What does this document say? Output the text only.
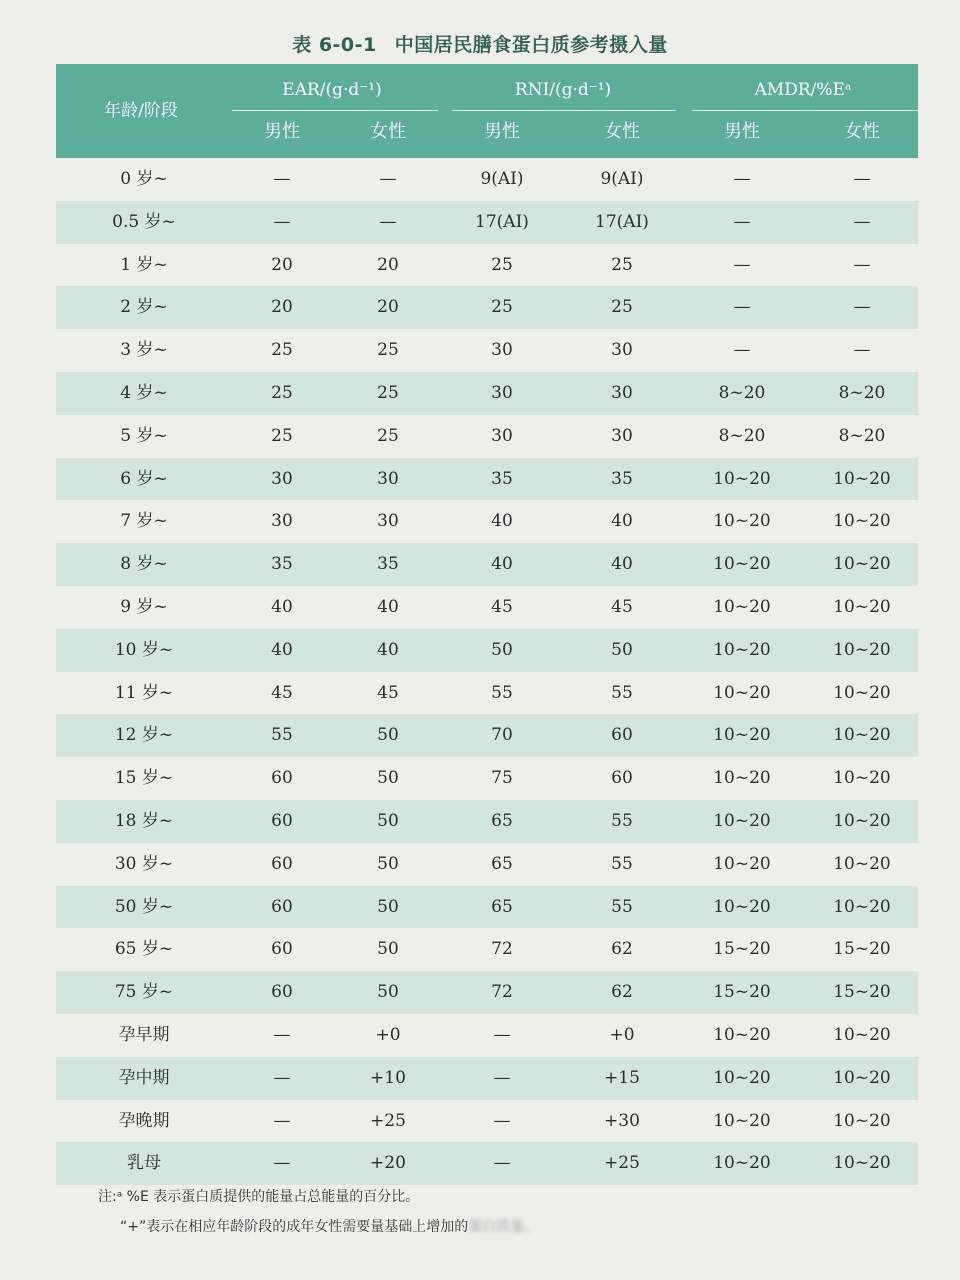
表 6-0-1 中国居民膳食蛋白质参考摄入量
年龄/阶段
EAR/(g·d⁻¹)	RNI/(g·d⁻¹)	AMDR/%Eᵃ
男性	女性	男性	女性	男性	女性
0 岁~	—	—	9(AI)	9(AI)	—	—
0.5 岁~	—	—	17(AI)	17(AI)	—	—
1 岁~	20	20	25	25	—	—
2 岁~	20	20	25	25	—	—
3 岁~	25	25	30	30	—	—
4 岁~	25	25	30	30	8~20	8~20
5 岁~	25	25	30	30	8~20	8~20
6 岁~	30	30	35	35	10~20	10~20
7 岁~	30	30	40	40	10~20	10~20
8 岁~	35	35	40	40	10~20	10~20
9 岁~	40	40	45	45	10~20	10~20
10 岁~	40	40	50	50	10~20	10~20
11 岁~	45	45	55	55	10~20	10~20
12 岁~	55	50	70	60	10~20	10~20
15 岁~	60	50	75	60	10~20	10~20
18 岁~	60	50	65	55	10~20	10~20
30 岁~	60	50	65	55	10~20	10~20
50 岁~	60	50	65	55	10~20	10~20
65 岁~	60	50	72	62	15~20	15~20
75 岁~	60	50	72	62	15~20	15~20
孕早期	—	+0	—	+0	10~20	10~20
孕中期	—	+10	—	+15	10~20	10~20
孕晚期	—	+25	—	+30	10~20	10~20
乳母	—	+20	—	+25	10~20	10~20
注:ᵃ %E 表示蛋白质提供的能量占总能量的百分比。
“+”表示在相应年龄阶段的成年女性需要量基础上增加的蛋白质量。
